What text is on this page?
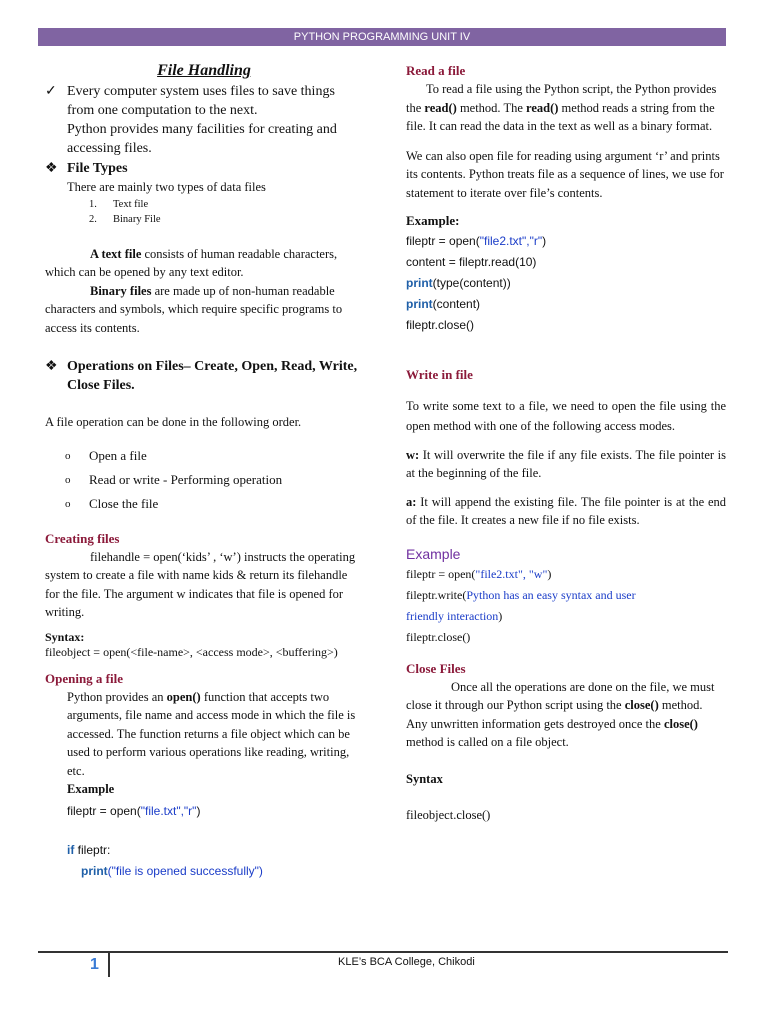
PYTHON PROGRAMMING UNIT IV
File Handling
✓ Every computer system uses files to save things from one computation to the next.
Python provides many facilities for creating and accessing files.
❖ File Types
There are mainly two types of data files
1.	Text file
2.	Binary File

A text file consists of human readable characters, which can be opened by any text editor.

Binary files are made up of non-human readable characters and symbols, which require specific programs to access its contents.

❖ Operations on Files– Create, Open, Read, Write, Close Files.

A file operation can be done in the following order.

o	Open a file
o	Read or write - Performing operation
o	Close the file

Creating files

filehandle = open(‘kids’ , ‘w’) instructs the operating system to create a file with name kids & return its filehandle for the file. The argument w indicates that file is opened for writing.

Syntax:

fileobject = open(<file-name>, <access mode>, <buffering>)

Opening a file

Python provides an open() function that accepts two arguments, file name and access mode in which the file is accessed. The function returns a file object which can be used to perform various operations like reading, writing, etc.

Example

fileptr = open("file.txt","r")

if fileptr:

print("file is opened successfully")

Read a file

To read a file using the Python script, the Python provides the read() method. The read() method reads a string from the file. It can read the data in the text as well as a binary format.

We can also open file for reading using argument ‘r’ and prints its contents. Python treats file as a sequence of lines, we use for statement to iterate over file’s contents.

Example:

fileptr = open("file2.txt","r")

content = fileptr.read(10)

print(type(content))

print(content)

fileptr.close()

Write in file

To write some text to a file, we need to open the file using the open method with one of the following access modes.

w: It will overwrite the file if any file exists. The file pointer is at the beginning of the file.

a: It will append the existing file. The file pointer is at the end of the file. It creates a new file if no file exists.

Example

fileptr = open("file2.txt", "w")

fileptr.write(Python has an easy syntax and user

friendly interaction)

fileptr.close()

Close Files

Once all the operations are done on the file, we must close it through our Python script using the close() method. Any unwritten information gets destroyed once the close() method is called on a file object.

Syntax

fileobject.close()

1	KLE’s BCA College, Chikodi
